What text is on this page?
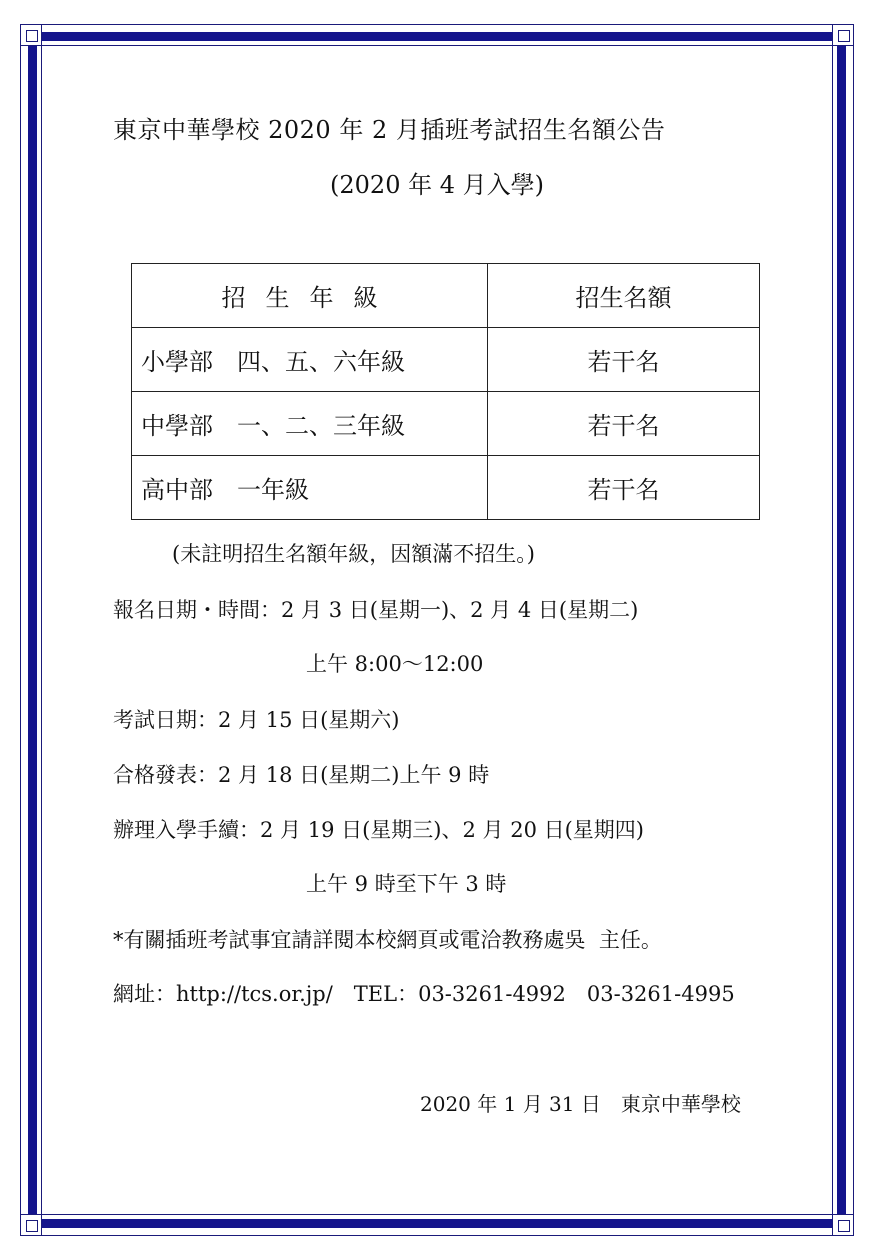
東京中華學校 2020 年 2 月插班考試招生名額公告
(2020 年 4 月入學)
招生年級	招生名額
小學部　四、五、六年級	若干名
中學部　一、二、三年級	若干名
高中部　一年級	若干名
(未註明招生名額年級，因額滿不招生。)
報名日期・時間：2 月 3 日(星期一)、2 月 4 日(星期二)
上午 8:00～12:00
考試日期：2 月 15 日(星期六)
合格發表：2 月 18 日(星期二)上午 9 時
辦理入學手續：2 月 19 日(星期三)、2 月 20 日(星期四)
上午 9 時至下午 3 時
*有關插班考試事宜請詳閱本校網頁或電洽教務處吳  主任。
網址：http://tcs.or.jp/　TEL：03-3261-4992　03-3261-4995
2020 年 1 月 31 日　東京中華學校
